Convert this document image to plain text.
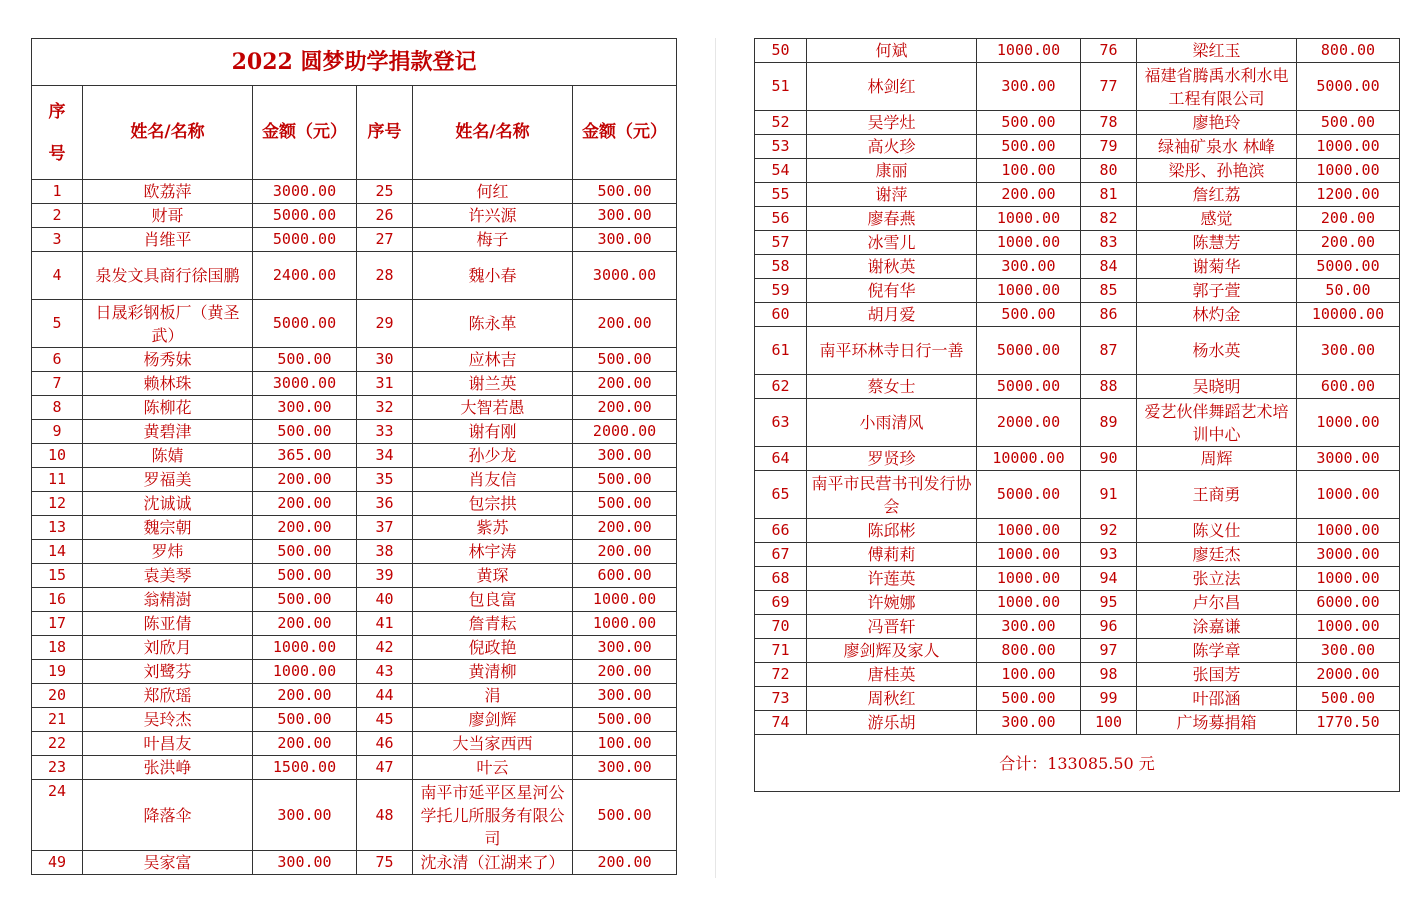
2022 圆梦助学捐款登记					

序
号	姓名/名称	金额（元）	序号	姓名/名称	金额（元）
1	欧荔萍	3000.00	25	何红	500.00
2	财哥	5000.00	26	许兴源	300.00
3	肖维平	5000.00	27	梅子	300.00
4	泉发文具商行徐国鹏	2400.00	28	魏小春	3000.00
5	日晟彩钢板厂（黄圣武）	5000.00	29	陈永革	200.00
6	杨秀妹	500.00	30	应林吉	500.00
7	赖林珠	3000.00	31	谢兰英	200.00
8	陈柳花	300.00	32	大智若愚	200.00
9	黄碧津	500.00	33	谢有刚	2000.00
10	陈婧	365.00	34	孙少龙	300.00
11	罗福美	200.00	35	肖友信	500.00
12	沈诚诚	200.00	36	包宗拱	500.00
13	魏宗朝	200.00	37	紫苏	200.00
14	罗炜	500.00	38	林宇涛	200.00
15	袁美琴	500.00	39	黄琛	600.00
16	翁精澍	500.00	40	包良富	1000.00
17	陈亚倩	200.00	41	詹青耘	1000.00
18	刘欣月	1000.00	42	倪政艳	300.00
19	刘鹭芬	1000.00	43	黄清柳	200.00
20	郑欣瑶	200.00	44	涓	300.00
21	吴玲杰	500.00	45	廖剑辉	500.00
22	叶昌友	200.00	46	大当家西西	100.00
23	张洪峥	1500.00	47	叶云	300.00
24	降落伞	300.00	48	南平市延平区星河公学托儿所服务有限公司	500.00
49	吴家富	300.00	75	沈永清（江湖来了）	200.00
50	何斌	1000.00	76	梁红玉	800.00
51	林剑红	300.00	77	福建省腾禹水利水电工程有限公司	5000.00
52	吴学灶	500.00	78	廖艳玲	500.00
53	高火珍	500.00	79	绿袖矿泉水 林峰	1000.00
54	康丽	100.00	80	梁彤、孙艳滨	1000.00
55	谢萍	200.00	81	詹红荔	1200.00
56	廖春燕	1000.00	82	感觉	200.00
57	冰雪儿	1000.00	83	陈慧芳	200.00
58	谢秋英	300.00	84	谢菊华	5000.00
59	倪有华	1000.00	85	郭子萱	50.00
60	胡月爱	500.00	86	林灼金	10000.00
61	南平环林寺日行一善	5000.00	87	杨水英	300.00
62	蔡女士	5000.00	88	吴晓明	600.00
63	小雨清风	2000.00	89	爱艺伙伴舞蹈艺术培训中心	1000.00
64	罗贤珍	10000.00	90	周辉	3000.00
65	南平市民营书刊发行协会	5000.00	91	王商勇	1000.00
66	陈邱彬	1000.00	92	陈义仕	1000.00
67	傅莉莉	1000.00	93	廖廷杰	3000.00
68	许莲英	1000.00	94	张立法	1000.00
69	许婉娜	1000.00	95	卢尔昌	6000.00
70	冯晋轩	300.00	96	涂嘉谦	1000.00
71	廖剑辉及家人	800.00	97	陈学章	300.00
72	唐桂英	100.00	98	张国芳	2000.00
73	周秋红	500.00	99	叶邵涵	500.00
74	游乐胡	300.00	100	广场募捐箱	1770.50
合计：133085.50 元					
